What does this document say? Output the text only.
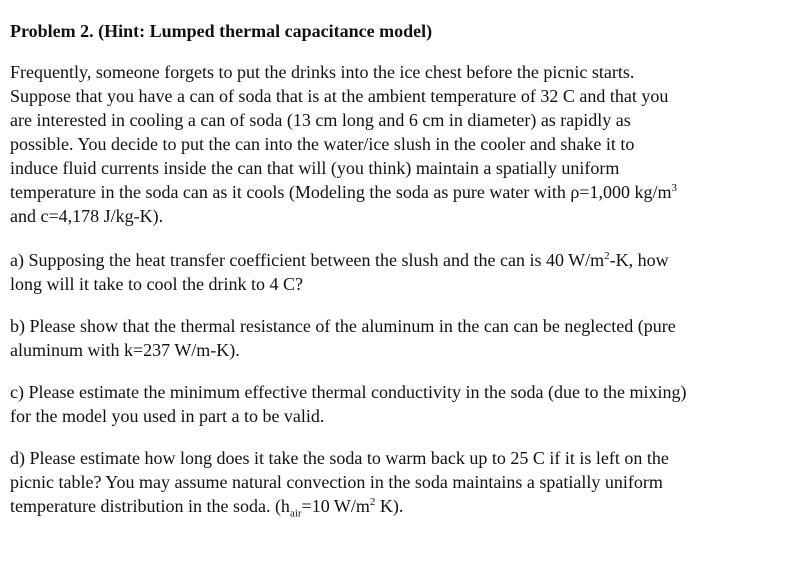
Problem 2. (Hint: Lumped thermal capacitance model)
Frequently, someone forgets to put the drinks into the ice chest before the picnic starts.
Suppose that you have a can of soda that is at the ambient temperature of 32 C and that you
are interested in cooling a can of soda (13 cm long and 6 cm in diameter) as rapidly as
possible. You decide to put the can into the water/ice slush in the cooler and shake it to
induce fluid currents inside the can that will (you think) maintain a spatially uniform
temperature in the soda can as it cools (Modeling the soda as pure water with ρ=1,000 $kg/m^3$
and c=4,178 J/kg-K).
a) Supposing the heat transfer coefficient between the slush and the can is 40 $W/m^2-K$, how
long will it take to cool the drink to 4 C?
b) Please show that the thermal resistance of the aluminum in the can can be neglected (pure
aluminum with k=237 W/m-K).
c) Please estimate the minimum effective thermal conductivity in the soda (due to the mixing)
for the model you used in part a to be valid.
d) Please estimate how long does it take the soda to warm back up to 25 C if it is left on the
picnic table? You may assume natural convection in the soda maintains a spatially uniform
temperature distribution in the soda. ($h_{air}=10$ $W/m^2$ K).
